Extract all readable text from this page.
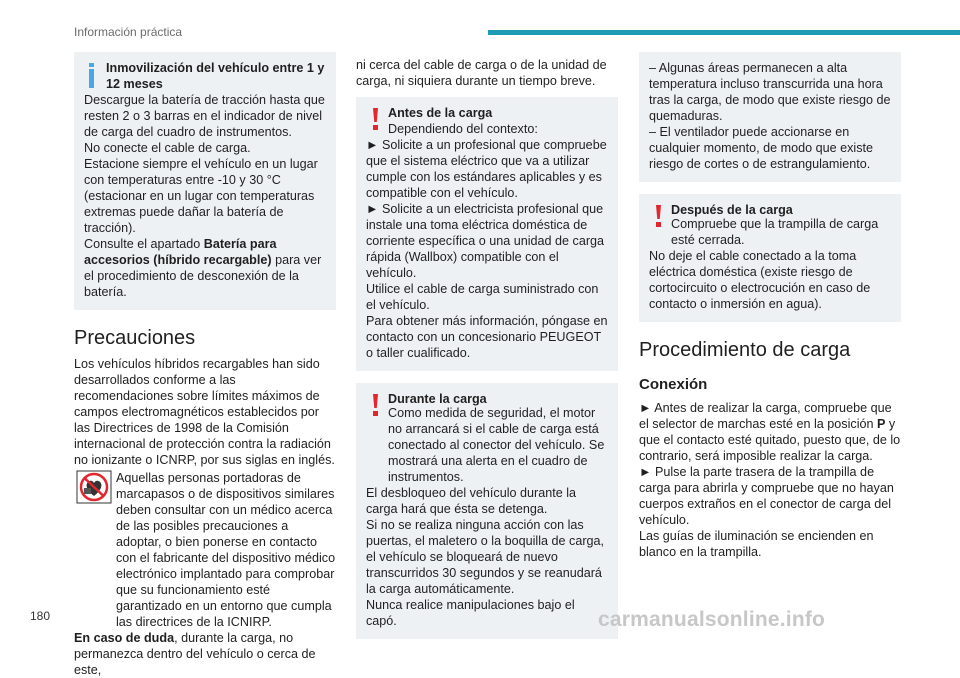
Información práctica
Inmovilización del vehículo entre 1 y 12 meses

Descargue la batería de tracción hasta que resten 2 o 3 barras en el indicador de nivel de carga del cuadro de instrumentos.

No conecte el cable de carga.

Estacione siempre el vehículo en un lugar con temperaturas entre -10 y 30 °C (estacionar en un lugar con temperaturas extremas puede dañar la batería de tracción).

Consulte el apartado Batería para accesorios (híbrido recargable) para ver el procedimiento de desconexión de la batería.

Precauciones

Los vehículos híbridos recargables han sido desarrollados conforme a las recomendaciones sobre límites máximos de campos electromagnéticos establecidos por las Directrices de 1998 de la Comisión internacional de protección contra la radiación no ionizante o ICNRP, por sus siglas en inglés.

Aquellas personas portadoras de marcapasos o de dispositivos similares deben consultar con un médico acerca de las posibles precauciones a adoptar, o bien ponerse en contacto con el fabricante del dispositivo médico electrónico implantado para comprobar que su funcionamiento esté garantizado en un entorno que cumpla las directrices de la ICNIRP.

En caso de duda, durante la carga, no permanezca dentro del vehículo o cerca de este,

ni cerca del cable de carga o de la unidad de carga, ni siquiera durante un tiempo breve.

Antes de la carga
Dependiendo del contexto:

► Solicite a un profesional que compruebe que el sistema eléctrico que va a utilizar cumple con los estándares aplicables y es compatible con el vehículo.

► Solicite a un electricista profesional que instale una toma eléctrica doméstica de corriente específica o una unidad de carga rápida (Wallbox) compatible con el vehículo.

Utilice el cable de carga suministrado con el vehículo.

Para obtener más información, póngase en contacto con un concesionario PEUGEOT o taller cualificado.

Durante la carga

Como medida de seguridad, el motor no arrancará si el cable de carga está conectado al conector del vehículo. Se mostrará una alerta en el cuadro de instrumentos.

El desbloqueo del vehículo durante la carga hará que ésta se detenga.

Si no se realiza ninguna acción con las puertas, el maletero o la boquilla de carga, el vehículo se bloqueará de nuevo transcurridos 30 segundos y se reanudará la carga automáticamente.

Nunca realice manipulaciones bajo el capó.

– Algunas áreas permanecen a alta temperatura incluso transcurrida una hora tras la carga, de modo que existe riesgo de quemaduras.

– El ventilador puede accionarse en cualquier momento, de modo que existe riesgo de cortes o de estrangulamiento.

Después de la carga

Compruebe que la trampilla de carga esté cerrada.

No deje el cable conectado a la toma eléctrica doméstica (existe riesgo de cortocircuito o electrocución en caso de contacto o inmersión en agua).

Procedimiento de carga
Conexión

► Antes de realizar la carga, compruebe que el selector de marchas esté en la posición P y que el contacto esté quitado, puesto que, de lo contrario, será imposible realizar la carga.

► Pulse la parte trasera de la trampilla de carga para abrirla y compruebe que no hayan cuerpos extraños en el conector de carga del vehículo.

Las guías de iluminación se encienden en blanco en la trampilla.

180	carmanualsonline.info
